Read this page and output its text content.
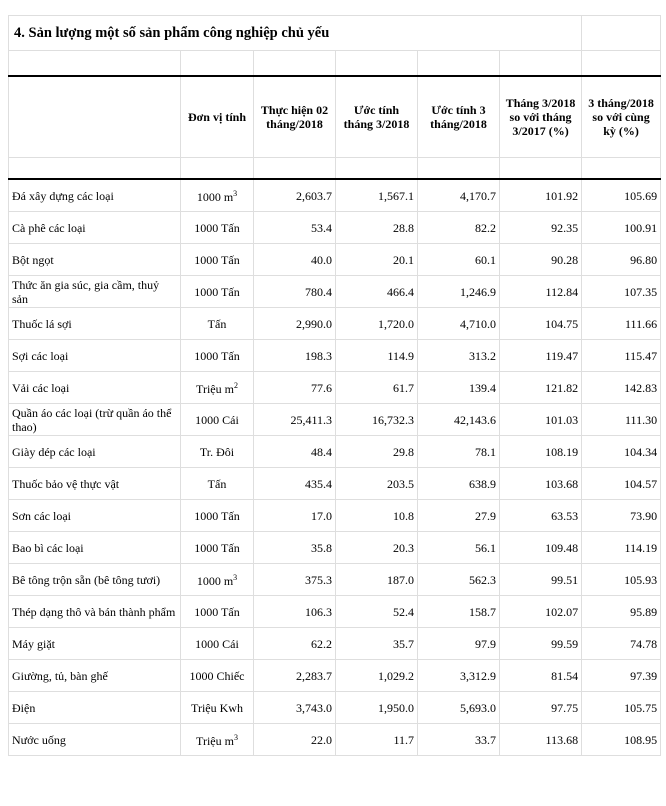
4. Sản lượng một số sản phẩm công nghiệp chủ yếu						

	Đơn vị tính	Thực hiện 02 tháng/2018	Ước tính tháng 3/2018	Ước tính 3 tháng/2018	Tháng 3/2018 so với tháng 3/2017 (%)	3 tháng/2018 so với cùng kỳ (%)

Đá xây dựng các loại	1000 $m^3$	2,603.7	1,567.1	4,170.7	101.92	105.69
Cà phê các loại	1000 Tấn	53.4	28.8	82.2	92.35	100.91
Bột ngọt	1000 Tấn	40.0	20.1	60.1	90.28	96.80
Thức ăn gia súc, gia cầm, thuỷ sản	1000 Tấn	780.4	466.4	1,246.9	112.84	107.35
Thuốc lá sợi	Tấn	2,990.0	1,720.0	4,710.0	104.75	111.66
Sợi các loại	1000 Tấn	198.3	114.9	313.2	119.47	115.47
Vải các loại	Triệu $m^2$	77.6	61.7	139.4	121.82	142.83
Quần áo các loại (trừ quần áo thể thao)	1000 Cái	25,411.3	16,732.3	42,143.6	101.03	111.30
Giày dép các loại	Tr. Đôi	48.4	29.8	78.1	108.19	104.34
Thuốc bảo vệ thực vật	Tấn	435.4	203.5	638.9	103.68	104.57
Sơn các loại	1000 Tấn	17.0	10.8	27.9	63.53	73.90
Bao bì các loại	1000 Tấn	35.8	20.3	56.1	109.48	114.19
Bê tông trộn sẵn (bê tông tươi)	1000 $m^3$	375.3	187.0	562.3	99.51	105.93
Thép dạng thô và bán thành phẩm	1000 Tấn	106.3	52.4	158.7	102.07	95.89
Máy giặt	1000 Cái	62.2	35.7	97.9	99.59	74.78
Giường, tủ, bàn ghế	1000 Chiếc	2,283.7	1,029.2	3,312.9	81.54	97.39
Điện	Triệu Kwh	3,743.0	1,950.0	5,693.0	97.75	105.75
Nước uống	Triệu $m^3$	22.0	11.7	33.7	113.68	108.95
